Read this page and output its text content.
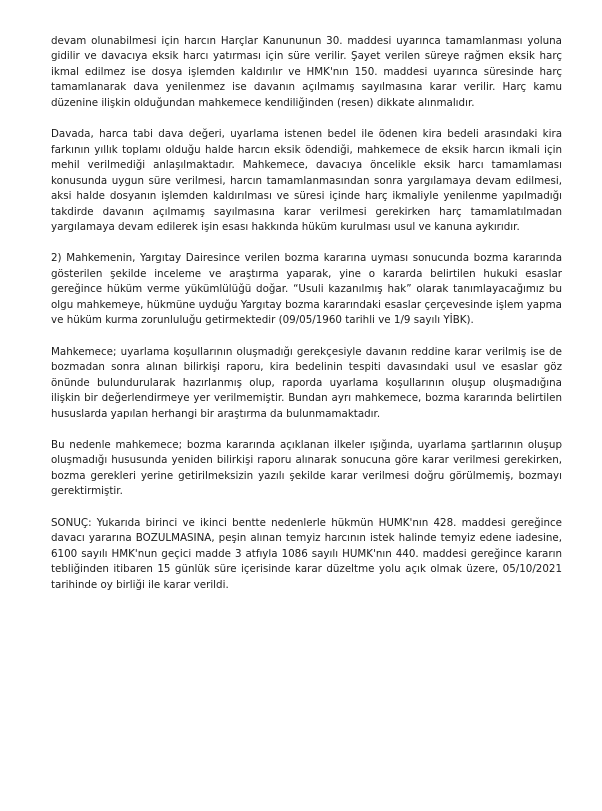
devam olunabilmesi için harcın Harçlar Kanununun 30. maddesi uyarınca tamamlanması yoluna gidilir ve davacıya eksik harcı yatırması için süre verilir. Şayet verilen süreye rağmen eksik harç ikmal edilmez ise dosya işlemden kaldırılır ve HMK'nın 150. maddesi uyarınca süresinde harç tamamlanarak dava yenilenmez ise davanın açılmamış sayılmasına karar verilir. Harç kamu düzenine ilişkin olduğundan mahkemece kendiliğinden (resen) dikkate alınmalıdır.

Davada, harca tabi dava değeri, uyarlama istenen bedel ile ödenen kira bedeli arasındaki kira farkının yıllık toplamı olduğu halde harcın eksik ödendiği, mahkemece de eksik harcın ikmali için mehil verilmediği anlaşılmaktadır. Mahkemece, davacıya öncelikle eksik harcı tamamlaması konusunda uygun süre verilmesi, harcın tamamlanmasından sonra yargılamaya devam edilmesi, aksi halde dosyanın işlemden kaldırılması ve süresi içinde harç ikmaliyle yenilenme yapılmadığı takdirde davanın açılmamış sayılmasına karar verilmesi gerekirken harç tamamlatılmadan yargılamaya devam edilerek işin esası hakkında hüküm kurulması usul ve kanuna aykırıdır.

2) Mahkemenin, Yargıtay Dairesince verilen bozma kararına uyması sonucunda bozma kararında gösterilen şekilde inceleme ve araştırma yaparak, yine o kararda belirtilen hukuki esaslar gereğince hüküm verme yükümlülüğü doğar. “Usuli kazanılmış hak” olarak tanımlayacağımız bu olgu mahkemeye, hükmüne uyduğu Yargıtay bozma kararındaki esaslar çerçevesinde işlem yapma ve hüküm kurma zorunluluğu getirmektedir (09/05/1960 tarihli ve 1/9 sayılı YİBK).

Mahkemece; uyarlama koşullarının oluşmadığı gerekçesiyle davanın reddine karar verilmiş ise de bozmadan sonra alınan bilirkişi raporu, kira bedelinin tespiti davasındaki usul ve esaslar göz önünde bulundurularak hazırlanmış olup, raporda uyarlama koşullarının oluşup oluşmadığına ilişkin bir değerlendirmeye yer verilmemiştir. Bundan ayrı mahkemece, bozma kararında belirtilen hususlarda yapılan herhangi bir araştırma da bulunmamaktadır.

Bu nedenle mahkemece; bozma kararında açıklanan ilkeler ışığında, uyarlama şartlarının oluşup oluşmadığı hususunda yeniden bilirkişi raporu alınarak sonucuna göre karar verilmesi gerekirken, bozma gerekleri yerine getirilmeksizin yazılı şekilde karar verilmesi doğru görülmemiş, bozmayı gerektirmiştir.

SONUÇ: Yukarıda birinci ve ikinci bentte nedenlerle hükmün HUMK'nın 428. maddesi gereğince davacı yararına BOZULMASINA, peşin alınan temyiz harcının istek halinde temyiz edene iadesine, 6100 sayılı HMK'nun geçici madde 3 atfıyla 1086 sayılı HUMK'nın 440. maddesi gereğince kararın tebliğinden itibaren 15 günlük süre içerisinde karar düzeltme yolu açık olmak üzere, 05/10/2021 tarihinde oy birliği ile karar verildi.
